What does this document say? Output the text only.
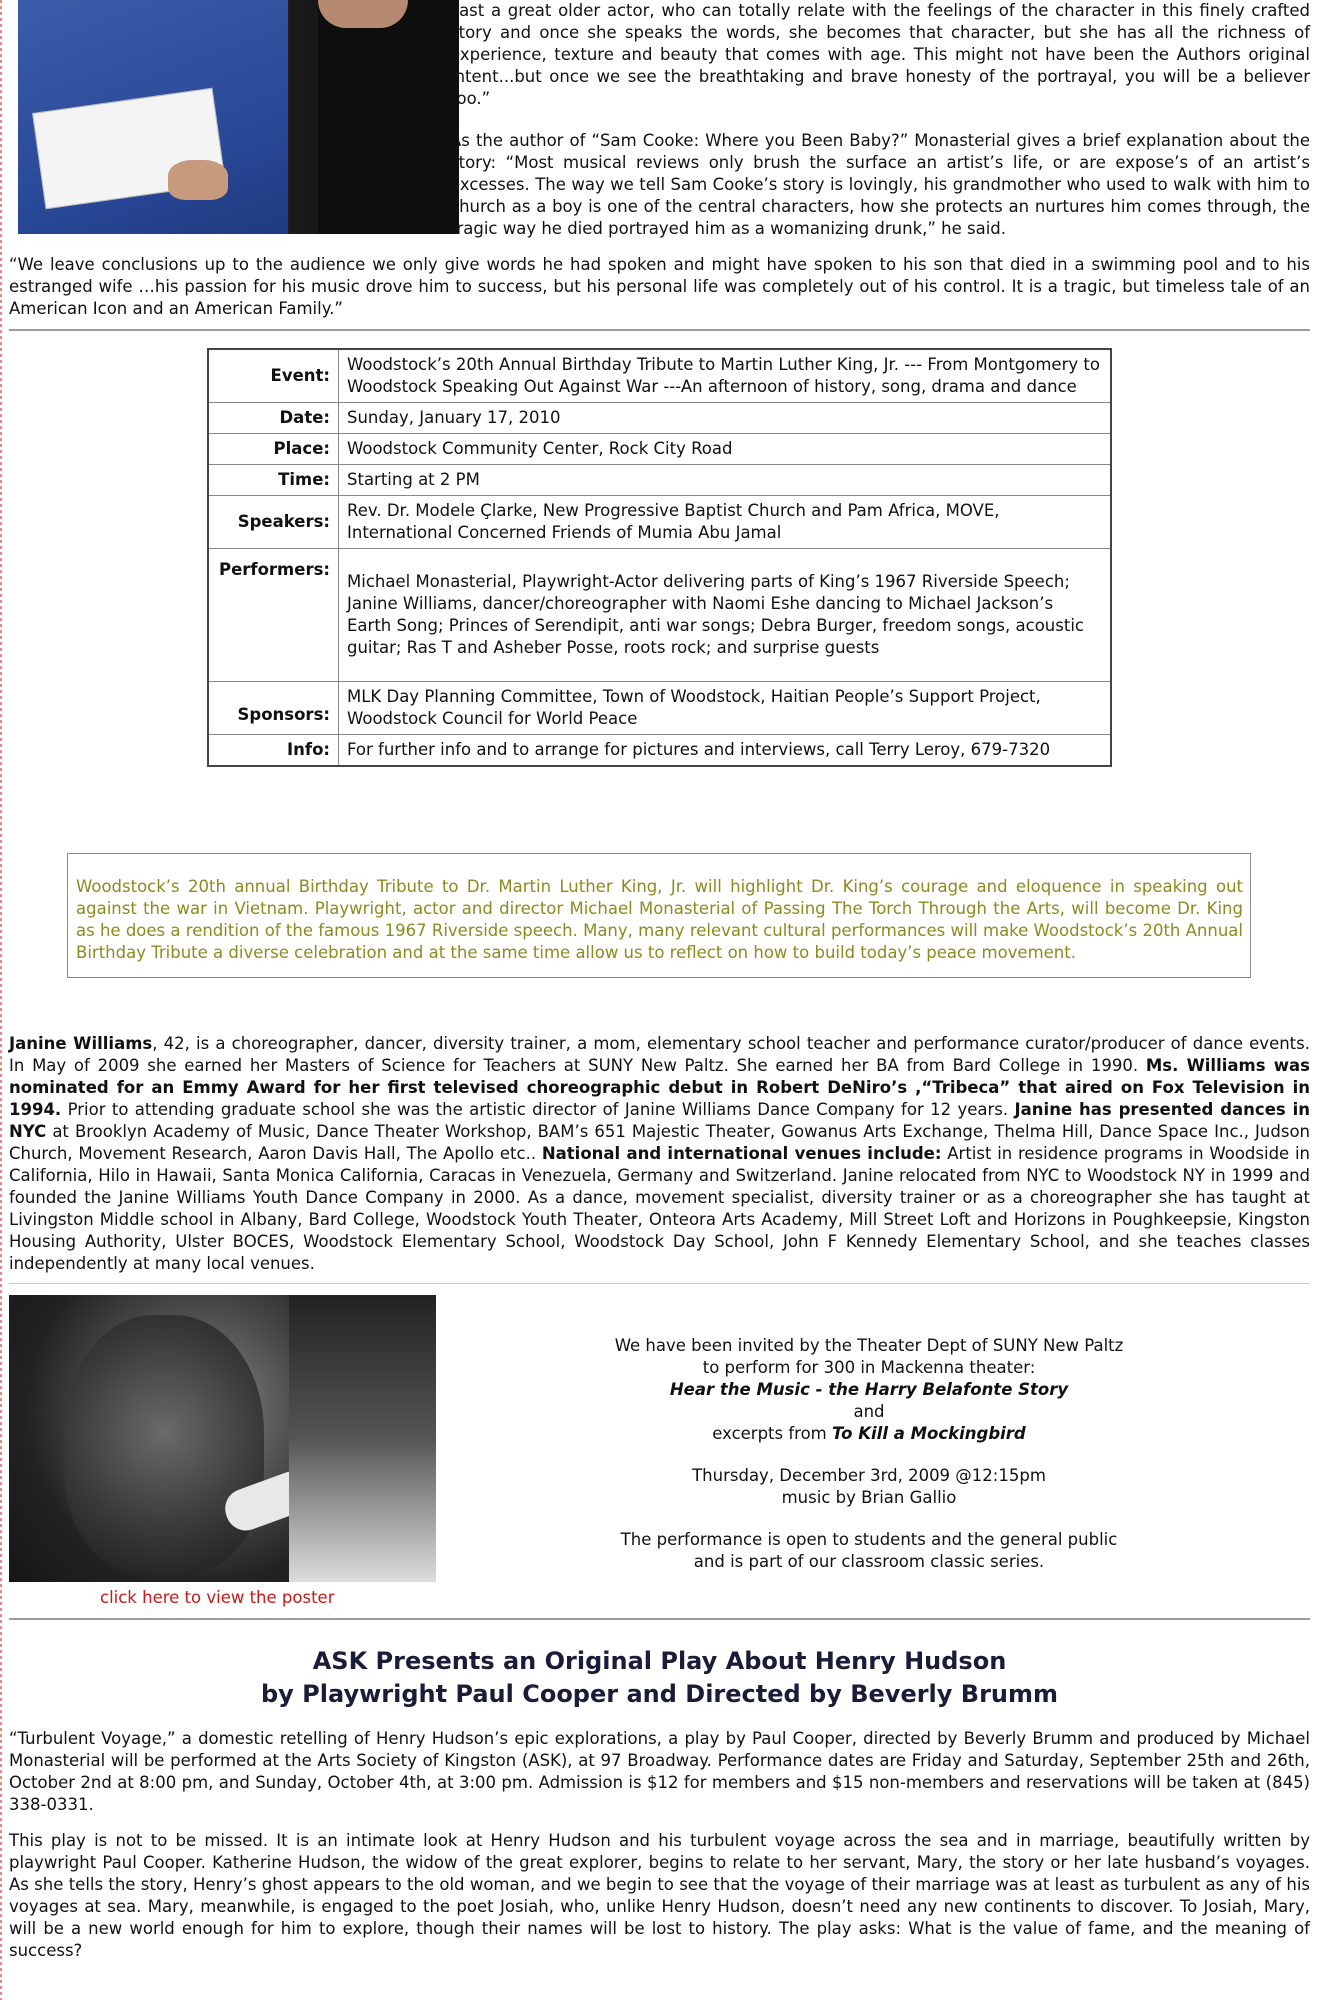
cast a great older actor, who can totally relate with the feelings of the character in this finely crafted story and once she speaks the words, she becomes that character, but she has all the richness of experience, texture and beauty that comes with age. This might not have been the Authors original intent...but once we see the breathtaking and brave honesty of the portrayal, you will be a believer too.”

As the author of “Sam Cooke: Where you Been Baby?” Monasterial gives a brief explanation about the story: “Most musical reviews only brush the surface an artist’s life, or are expose’s of an artist’s excesses. The way we tell Sam Cooke’s story is lovingly, his grandmother who used to walk with him to church as a boy is one of the central characters, how she protects an nurtures him comes through, the tragic way he died portrayed him as a womanizing drunk,” he said.

“We leave conclusions up to the audience we only give words he had spoken and might have spoken to his son that died in a swimming pool and to his estranged wife …his passion for his music drove him to success, but his personal life was completely out of his control. It is a tragic, but timeless tale of an American Icon and an American Family.”

Event:	Woodstock’s 20th Annual Birthday Tribute to Martin Luther King, Jr. --- From Montgomery to Woodstock Speaking Out Against War ---An afternoon of history, song, drama and dance
Date:	Sunday, January 17, 2010
Place:	Woodstock Community Center, Rock City Road
Time:	Starting at 2 PM
Speakers:	Rev. Dr. Modele Çlarke, New Progressive Baptist Church and Pam Africa, MOVE, International Concerned Friends of Mumia Abu Jamal
Performers:	Michael Monasterial, Playwright-Actor delivering parts of King’s 1967 Riverside Speech; Janine Williams, dancer/choreographer with Naomi Eshe dancing to Michael Jackson’s Earth Song; Princes of Serendipit, anti war songs; Debra Burger, freedom songs, acoustic guitar; Ras T and Asheber Posse, roots rock; and surprise guests
Sponsors:	MLK Day Planning Committee, Town of Woodstock, Haitian People’s Support Project, Woodstock Council for World Peace
Info:	For further info and to arrange for pictures and interviews, call Terry Leroy, 679-7320

Woodstock’s 20th annual Birthday Tribute to Dr. Martin Luther King, Jr. will highlight Dr. King’s courage and eloquence in speaking out against the war in Vietnam. Playwright, actor and director Michael Monasterial of Passing The Torch Through the Arts, will become Dr. King as he does a rendition of the famous 1967 Riverside speech. Many, many relevant cultural performances will make Woodstock’s 20th Annual Birthday Tribute a diverse celebration and at the same time allow us to reflect on how to build today’s peace movement.

Janine Williams, 42, is a choreographer, dancer, diversity trainer, a mom, elementary school teacher and performance curator/producer of dance events. In May of 2009 she earned her Masters of Science for Teachers at SUNY New Paltz. She earned her BA from Bard College in 1990. Ms. Williams was nominated for an Emmy Award for her first televised choreographic debut in Robert DeNiro’s ,“Tribeca” that aired on Fox Television in 1994. Prior to attending graduate school she was the artistic director of Janine Williams Dance Company for 12 years. Janine has presented dances in NYC at Brooklyn Academy of Music, Dance Theater Workshop, BAM’s 651 Majestic Theater, Gowanus Arts Exchange, Thelma Hill, Dance Space Inc., Judson Church, Movement Research, Aaron Davis Hall, The Apollo etc.. National and international venues include: Artist in residence programs in Woodside in California, Hilo in Hawaii, Santa Monica California, Caracas in Venezuela, Germany and Switzerland. Janine relocated from NYC to Woodstock NY in 1999 and founded the Janine Williams Youth Dance Company in 2000. As a dance, movement specialist, diversity trainer or as a choreographer she has taught at Livingston Middle school in Albany, Bard College, Woodstock Youth Theater, Onteora Arts Academy, Mill Street Loft and Horizons in Poughkeepsie, Kingston Housing Authority, Ulster BOCES, Woodstock Elementary School, Woodstock Day School, John F Kennedy Elementary School, and she teaches classes independently at many local venues.

click here to view the poster

We have been invited by the Theater Dept of SUNY New Paltz

to perform for 300 in Mackenna theater:

Hear the Music - the Harry Belafonte Story

and

excerpts from To Kill a Mockingbird

Thursday, December 3rd, 2009 @12:15pm

music by Brian Gallio

The performance is open to students and the general public

and is part of our classroom classic series.

ASK Presents an Original Play About Henry Hudson
by Playwright Paul Cooper and Directed by Beverly Brumm

“Turbulent Voyage,” a domestic retelling of Henry Hudson’s epic explorations, a play by Paul Cooper, directed by Beverly Brumm and produced by Michael Monasterial will be performed at the Arts Society of Kingston (ASK), at 97 Broadway. Performance dates are Friday and Saturday, September 25th and 26th, October 2nd at 8:00 pm, and Sunday, October 4th, at 3:00 pm. Admission is $12 for members and $15 non-members and reservations will be taken at (845) 338-0331.

This play is not to be missed. It is an intimate look at Henry Hudson and his turbulent voyage across the sea and in marriage, beautifully written by playwright Paul Cooper. Katherine Hudson, the widow of the great explorer, begins to relate to her servant, Mary, the story or her late husband’s voyages. As she tells the story, Henry’s ghost appears to the old woman, and we begin to see that the voyage of their marriage was at least as turbulent as any of his voyages at sea. Mary, meanwhile, is engaged to the poet Josiah, who, unlike Henry Hudson, doesn’t need any new continents to discover. To Josiah, Mary, will be a new world enough for him to explore, though their names will be lost to history. The play asks: What is the value of fame, and the meaning of success?
